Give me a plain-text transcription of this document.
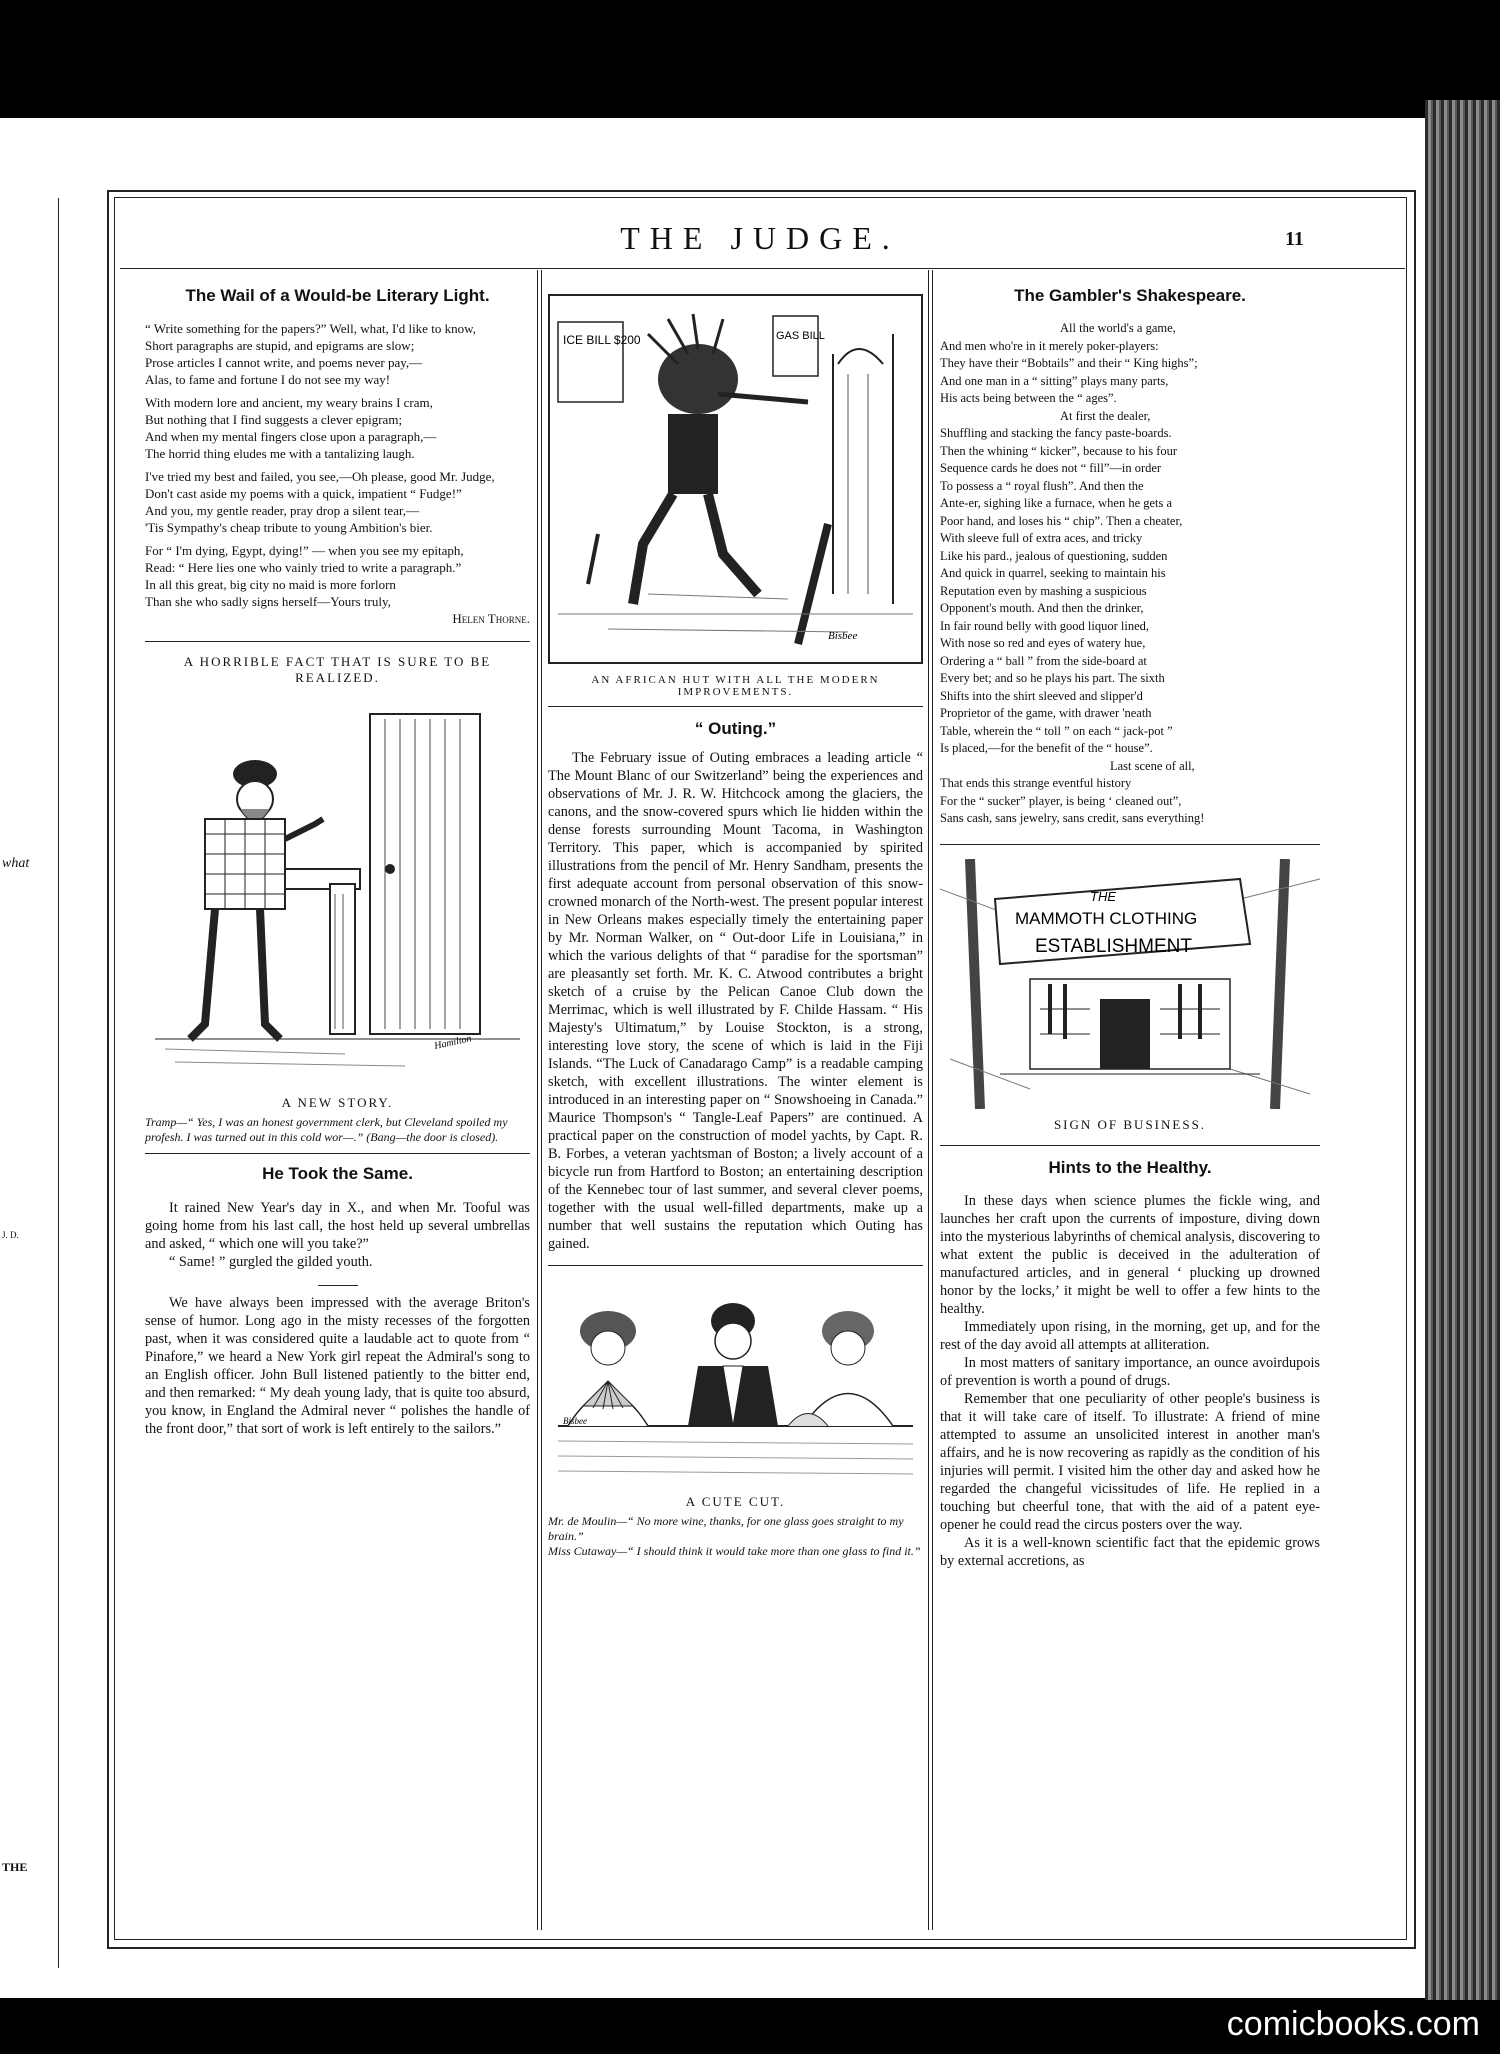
what
J. D.
THE
THE JUDGE.	11
The Wail of a Would-be Literary Light.

“ Write something for the papers?” Well, what, I'd like to know,

Short paragraphs are stupid, and epigrams are slow;

Prose articles I cannot write, and poems never pay,—

Alas, to fame and fortune I do not see my way!

With modern lore and ancient, my weary brains I cram,

But nothing that I find suggests a clever epigram;

And when my mental fingers close upon a paragraph,—

The horrid thing eludes me with a tantalizing laugh.

I've tried my best and failed, you see,—Oh please, good Mr. Judge,

Don't cast aside my poems with a quick, impatient “ Fudge!”

And you, my gentle reader, pray drop a silent tear,—

'Tis Sympathy's cheap tribute to young Ambition's bier.

For “ I'm dying, Egypt, dying!” — when you see my epitaph,

Read: “ Here lies one who vainly tried to write a paragraph.”

In all this great, big city no maid is more forlorn

Than she who sadly signs herself—Yours truly,

Helen Thorne.

A HORRIBLE FACT THAT IS SURE TO BE REALIZED.
Hamilton
A NEW STORY.
Tramp—“ Yes, I was an honest government clerk, but Cleveland spoiled my profesh. I was turned out in this cold wor—.” (Bang—the door is closed).
He Took the Same.
It rained New Year's day in X., and when Mr. Tooful was going home from his last call, the host held up several umbrellas and asked, “ which one will you take?”
“ Same! ” gurgled the gilded youth.
We have always been impressed with the average Briton's sense of humor. Long ago in the misty recesses of the forgotten past, when it was considered quite a laudable act to quote from “ Pinafore,” we heard a New York girl repeat the Admiral's song to an English officer. John Bull listened patiently to the bitter end, and then remarked: “ My deah young lady, that is quite too absurd, you know, in England the Admiral never “ polishes the handle of the front door,” that sort of work is left entirely to the sailors.”
ICE BILL $200	GAS BILL
Bisbee
AN AFRICAN HUT WITH ALL THE MODERN IMPROVEMENTS.
“ Outing.”
The February issue of Outing embraces a leading article “ The Mount Blanc of our Switzerland” being the experiences and observations of Mr. J. R. W. Hitchcock among the glaciers, the canons, and the snow-covered spurs which lie hidden within the dense forests surrounding Mount Tacoma, in Washington Territory. This paper, which is accompanied by spirited illustrations from the pencil of Mr. Henry Sandham, presents the first adequate account from personal observation of this snow-crowned monarch of the North-west. The present popular interest in New Orleans makes especially timely the entertaining paper by Mr. Norman Walker, on “ Out-door Life in Louisiana,” in which the various delights of that “ paradise for the sportsman” are pleasantly set forth. Mr. K. C. Atwood contributes a bright sketch of a cruise by the Pelican Canoe Club down the Merrimac, which is well illustrated by F. Childe Hassam. “ His Majesty's Ultimatum,” by Louise Stockton, is a strong, interesting love story, the scene of which is laid in the Fiji Islands. “The Luck of Canadarago Camp” is a readable camping sketch, with excellent illustrations. The winter element is introduced in an interesting paper on “ Snowshoeing in Canada.” Maurice Thompson's “ Tangle-Leaf Papers” are continued. A practical paper on the construction of model yachts, by Capt. R. B. Forbes, a veteran yachtsman of Boston; a lively account of a bicycle run from Hartford to Boston; an entertaining description of the Kennebec tour of last summer, and several clever poems, together with the usual well-filled departments, make up a number that well sustains the reputation which Outing has gained.
Bisbee
A CUTE CUT.
Mr. de Moulin—“ No more wine, thanks, for one glass goes straight to my brain.”
Miss Cutaway—“ I should think it would take more than one glass to find it.”
The Gambler's Shakespeare.

All the world's a game,

And men who're in it merely poker-players:

They have their “Bobtails” and their “ King highs”;

And one man in a “ sitting” plays many parts,

His acts being between the “ ages”.

At first the dealer,

Shuffling and stacking the fancy paste-boards.

Then the whining “ kicker”, because to his four

Sequence cards he does not “ fill”—in order

To possess a “ royal flush”. And then the

Ante-er, sighing like a furnace, when he gets a

Poor hand, and loses his “ chip”. Then a cheater,

With sleeve full of extra aces, and tricky

Like his pard., jealous of questioning, sudden

And quick in quarrel, seeking to maintain his

Reputation even by mashing a suspicious

Opponent's mouth. And then the drinker,

In fair round belly with good liquor lined,

With nose so red and eyes of watery hue,

Ordering a “ ball ” from the side-board at

Every bet; and so he plays his part. The sixth

Shifts into the shirt sleeved and slipper'd

Proprietor of the game, with drawer 'neath

Table, wherein the “ toll ” on each “ jack-pot ”

Is placed,—for the benefit of the “ house”.

Last scene of all,

That ends this strange eventful history

For the “ sucker” player, is being ‘ cleaned out”,

Sans cash, sans jewelry, sans credit, sans everything!

THE
MAMMOTH CLOTHING
ESTABLISHMENT
SIGN OF BUSINESS.
Hints to the Healthy.
In these days when science plumes the fickle wing, and launches her craft upon the currents of imposture, diving down into the mysterious labyrinths of chemical analysis, discovering to what extent the public is deceived in the adulteration of manufactured articles, and in general ‘ plucking up drowned honor by the locks,’ it might be well to offer a few hints to the healthy.
Immediately upon rising, in the morning, get up, and for the rest of the day avoid all attempts at alliteration.
In most matters of sanitary importance, an ounce avoirdupois of prevention is worth a pound of drugs.
Remember that one peculiarity of other people's business is that it will take care of itself. To illustrate: A friend of mine attempted to assume an unsolicited interest in another man's affairs, and he is now recovering as rapidly as the condition of his injuries will permit. I visited him the other day and asked how he regarded the changeful vicissitudes of life. He replied in a touching but cheerful tone, that with the aid of a patent eye-opener he could read the circus posters over the way.
As it is a well-known scientific fact that the epidemic grows by external accretions, as
comicbooks.com
